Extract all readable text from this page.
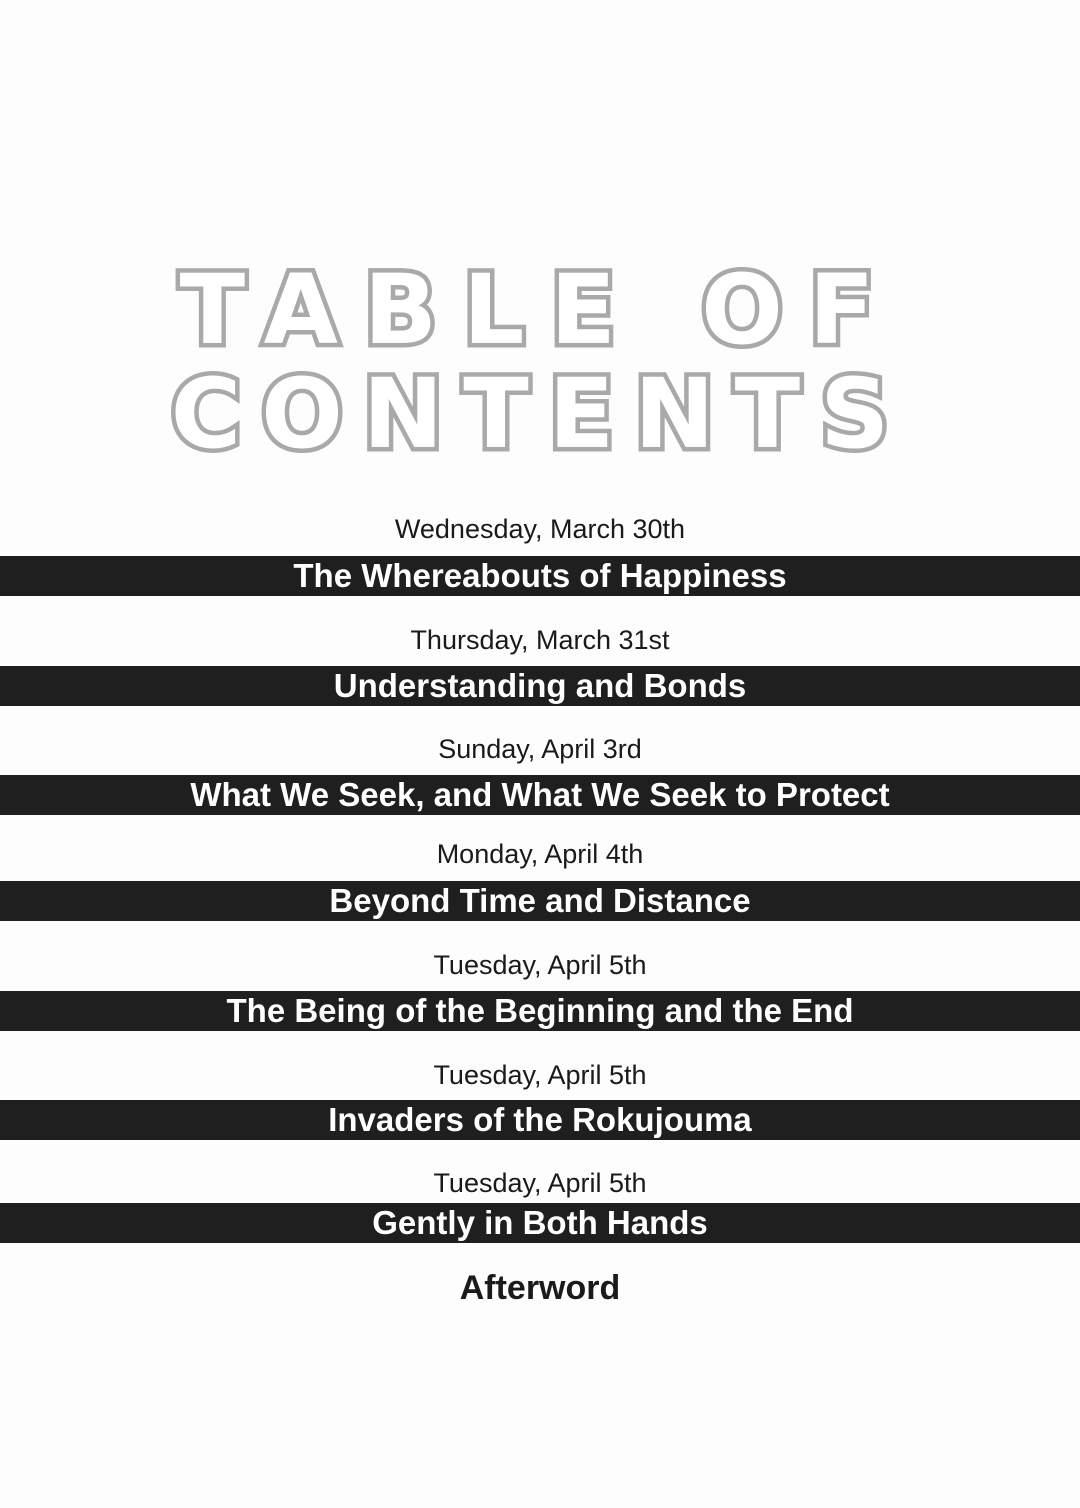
TABLE OF
CONTENTS
Wednesday, March 30th
The Whereabouts of Happiness
Thursday, March 31st
Understanding and Bonds
Sunday, April 3rd
What We Seek, and What We Seek to Protect
Monday, April 4th
Beyond Time and Distance
Tuesday, April 5th
The Being of the Beginning and the End
Tuesday, April 5th
Invaders of the Rokujouma
Tuesday, April 5th
Gently in Both Hands
Afterword
